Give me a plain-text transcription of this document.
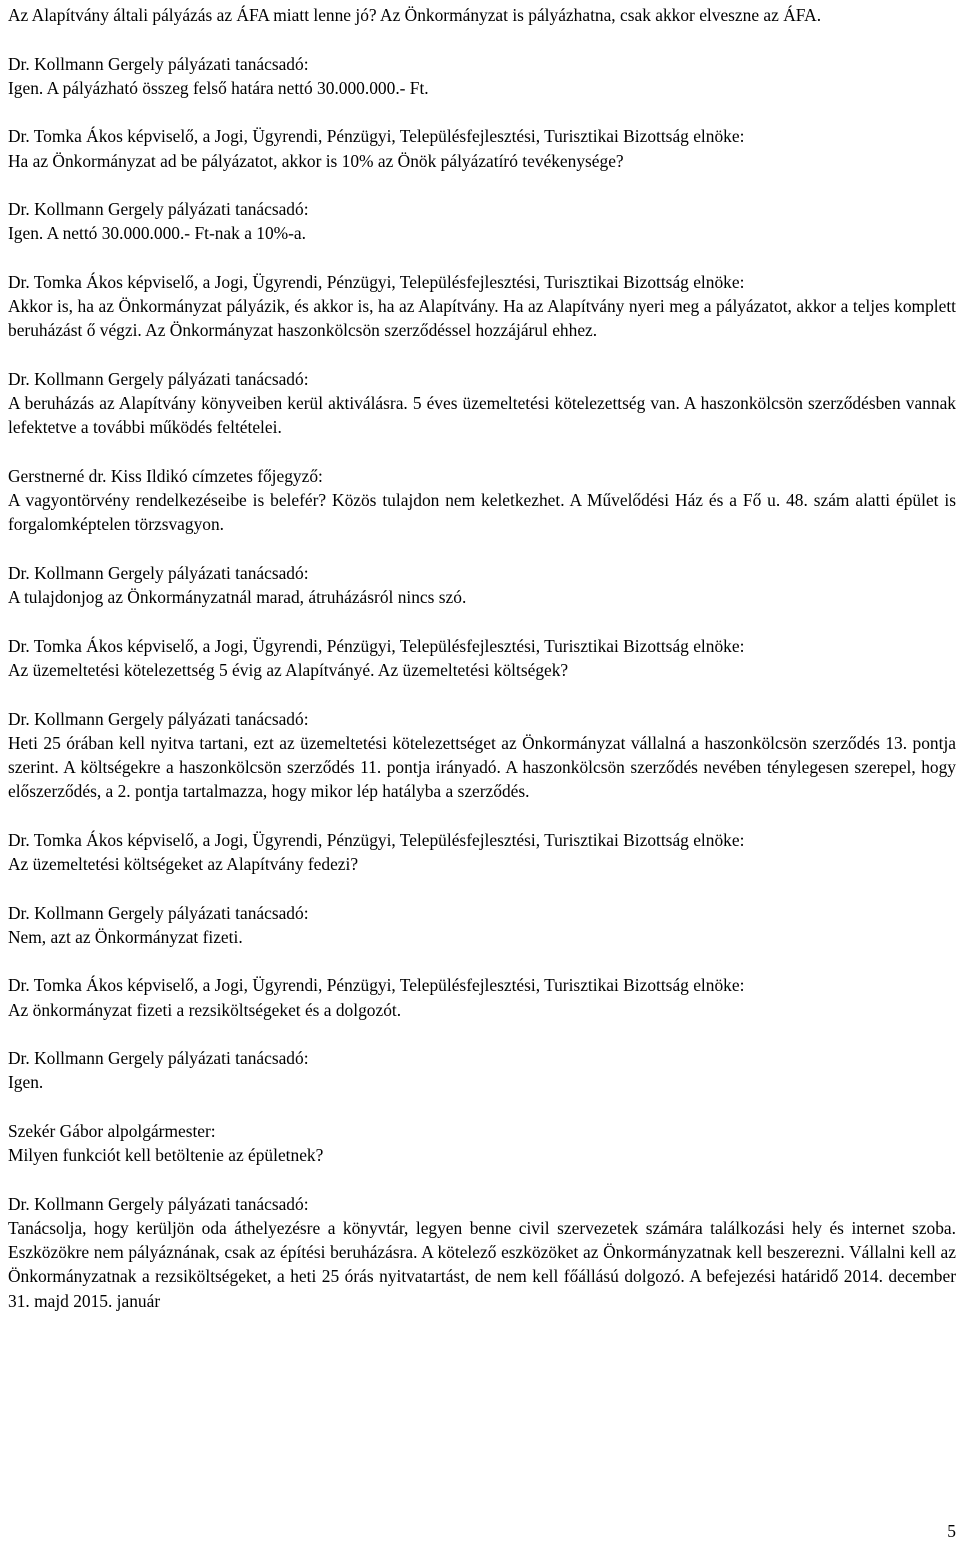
Az Alapítvány általi pályázás az ÁFA miatt lenne jó? Az Önkormányzat is pályázhatna, csak akkor elveszne az ÁFA.
Dr. Kollmann Gergely pályázati tanácsadó:
Igen. A pályázható összeg felső határa nettó 30.000.000.- Ft.
Dr. Tomka Ákos képviselő, a Jogi, Ügyrendi, Pénzügyi, Településfejlesztési, Turisztikai Bizottság elnöke:
Ha az Önkormányzat ad be pályázatot, akkor is 10% az Önök pályázatíró tevékenysége?
Dr. Kollmann Gergely pályázati tanácsadó:
Igen. A nettó 30.000.000.- Ft-nak a 10%-a.
Dr. Tomka Ákos képviselő, a Jogi, Ügyrendi, Pénzügyi, Településfejlesztési, Turisztikai Bizottság elnöke:
Akkor is, ha az Önkormányzat pályázik, és akkor is, ha az Alapítvány. Ha az Alapítvány nyeri meg a pályázatot, akkor a teljes komplett beruházást ő végzi. Az Önkormányzat haszonkölcsön szerződéssel hozzájárul ehhez.
Dr. Kollmann Gergely pályázati tanácsadó:
A beruházás az Alapítvány könyveiben kerül aktiválásra. 5 éves üzemeltetési kötelezettség van. A haszonkölcsön szerződésben vannak lefektetve a további működés feltételei.
Gerstnerné dr. Kiss Ildikó címzetes főjegyző:
A vagyontörvény rendelkezéseibe is belefér? Közös tulajdon nem keletkezhet. A Művelődési Ház és a Fő u. 48. szám alatti épület is forgalomképtelen törzsvagyon.
Dr. Kollmann Gergely pályázati tanácsadó:
A tulajdonjog az Önkormányzatnál marad, átruházásról nincs szó.
Dr. Tomka Ákos képviselő, a Jogi, Ügyrendi, Pénzügyi, Településfejlesztési, Turisztikai Bizottság elnöke:
Az üzemeltetési kötelezettség 5 évig az Alapítványé. Az üzemeltetési költségek?
Dr. Kollmann Gergely pályázati tanácsadó:
Heti 25 órában kell nyitva tartani, ezt az üzemeltetési kötelezettséget az Önkormányzat vállalná a haszonkölcsön szerződés 13. pontja szerint. A költségekre a haszonkölcsön szerződés 11. pontja irányadó. A haszonkölcsön szerződés nevében ténylegesen szerepel, hogy előszerződés, a 2. pontja tartalmazza, hogy mikor lép hatályba a szerződés.
Dr. Tomka Ákos képviselő, a Jogi, Ügyrendi, Pénzügyi, Településfejlesztési, Turisztikai Bizottság elnöke:
Az üzemeltetési költségeket az Alapítvány fedezi?
Dr. Kollmann Gergely pályázati tanácsadó:
Nem, azt az Önkormányzat fizeti.
Dr. Tomka Ákos képviselő, a Jogi, Ügyrendi, Pénzügyi, Településfejlesztési, Turisztikai Bizottság elnöke:
Az önkormányzat fizeti a rezsiköltségeket és a dolgozót.
Dr. Kollmann Gergely pályázati tanácsadó:
Igen.
Szekér Gábor alpolgármester:
Milyen funkciót kell betöltenie az épületnek?
Dr. Kollmann Gergely pályázati tanácsadó:
Tanácsolja, hogy kerüljön oda áthelyezésre a könyvtár, legyen benne civil szervezetek számára találkozási hely és internet szoba. Eszközökre nem pályáznának, csak az építési beruházásra. A kötelező eszközöket az Önkormányzatnak kell beszerezni. Vállalni kell az Önkormányzatnak a rezsiköltségeket, a heti 25 órás nyitvatartást, de nem kell főállású dolgozó. A befejezési határidő 2014. december 31. majd 2015. január
5
